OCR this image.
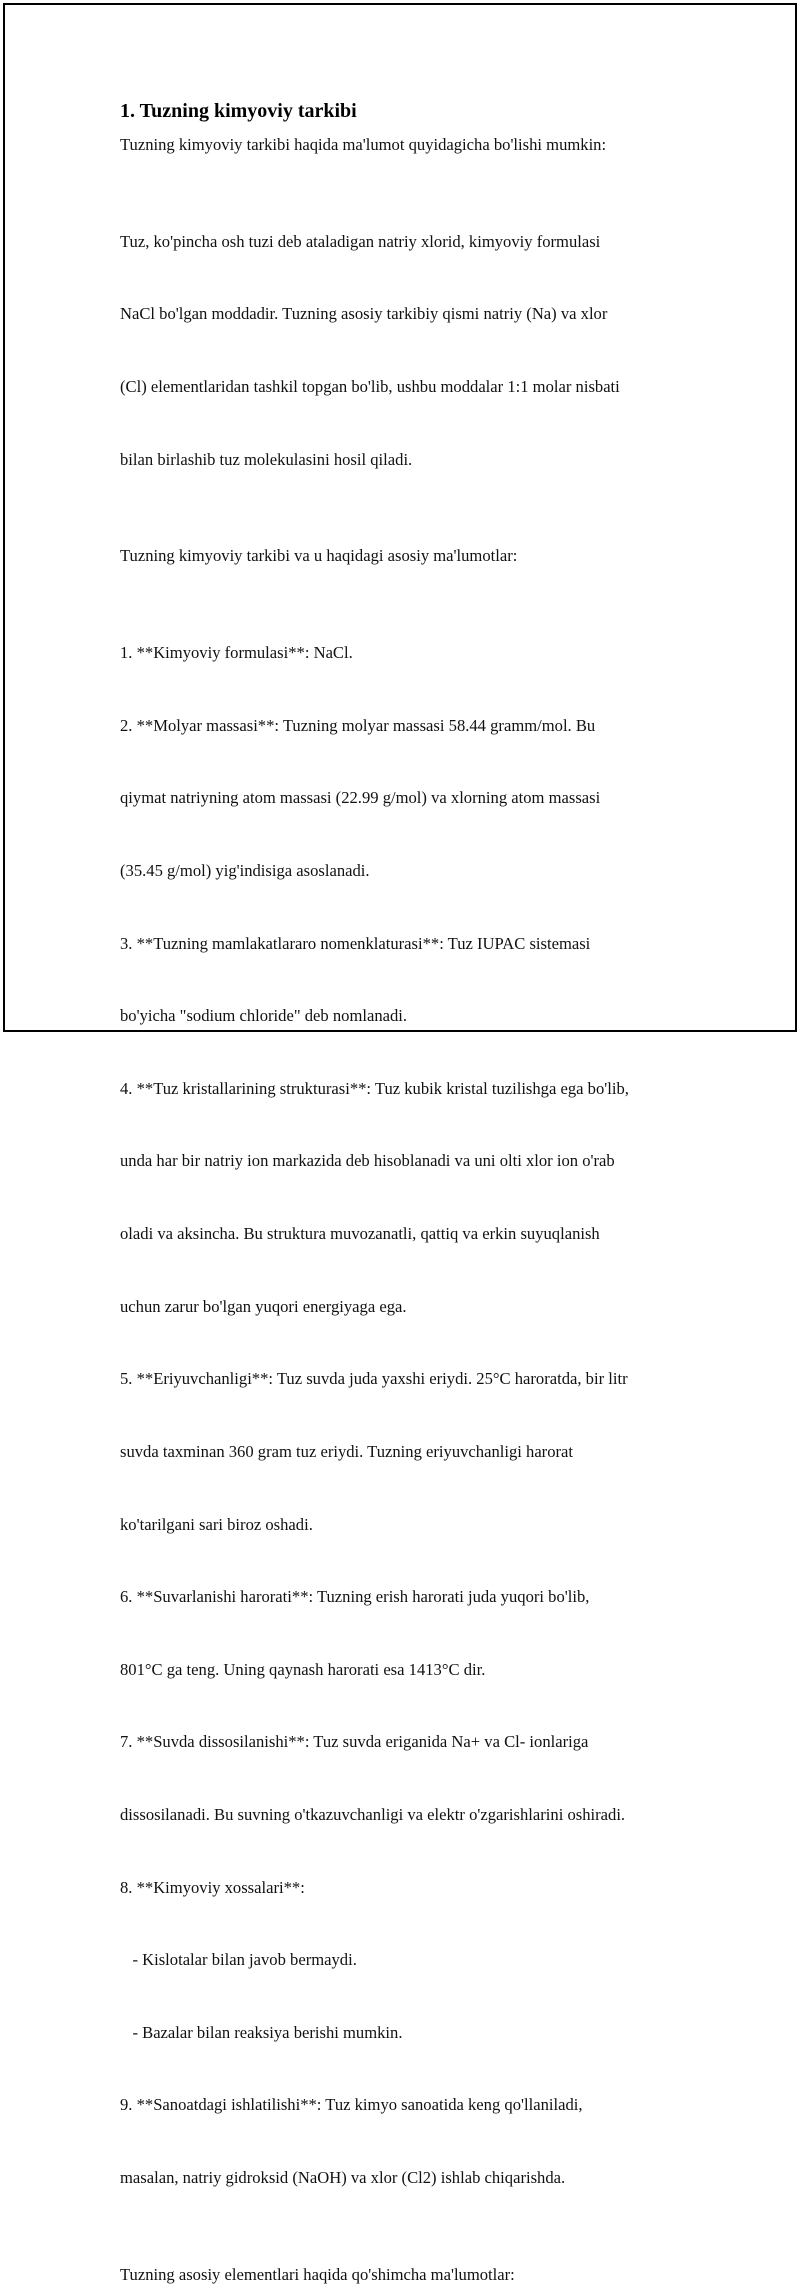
1. Tuzning kimyoviy tarkibi
Tuzning kimyoviy tarkibi haqida ma'lumot quyidagicha bo'lishi mumkin:

Tuz, ko'pincha osh tuzi deb ataladigan natriy xlorid, kimyoviy formulasi

NaCl bo'lgan moddadir. Tuzning asosiy tarkibiy qismi natriy (Na) va xlor

(Cl) elementlaridan tashkil topgan bo'lib, ushbu moddalar 1:1 molar nisbati

bilan birlashib tuz molekulasini hosil qiladi.

Tuzning kimyoviy tarkibi va u haqidagi asosiy ma'lumotlar:

1. **Kimyoviy formulasi**: NaCl.

2. **Molyar massasi**: Tuzning molyar massasi 58.44 gramm/mol. Bu

qiymat natriyning atom massasi (22.99 g/mol) va xlorning atom massasi

(35.45 g/mol) yig'indisiga asoslanadi.

3. **Tuzning mamlakatlararo nomenklaturasi**: Tuz IUPAC sistemasi

bo'yicha "sodium chloride" deb nomlanadi.

4. **Tuz kristallarining strukturasi**: Tuz kubik kristal tuzilishga ega bo'lib,

unda har bir natriy ion markazida deb hisoblanadi va uni olti xlor ion o'rab

oladi va aksincha. Bu struktura muvozanatli, qattiq va erkin suyuqlanish

uchun zarur bo'lgan yuqori energiyaga ega.

5. **Eriyuvchanligi**: Tuz suvda juda yaxshi eriydi. 25°C haroratda, bir litr

suvda taxminan 360 gram tuz eriydi. Tuzning eriyuvchanligi harorat

ko'tarilgani sari biroz oshadi.

6. **Suvarlanishi harorati**: Tuzning erish harorati juda yuqori bo'lib,

801°C ga teng. Uning qaynash harorati esa 1413°C dir.

7. **Suvda dissosilanishi**: Tuz suvda eriganida Na+ va Cl- ionlariga

dissosilanadi. Bu suvning o'tkazuvchanligi va elektr o'zgarishlarini oshiradi.

8. **Kimyoviy xossalari**:

- Kislotalar bilan javob bermaydi.

- Bazalar bilan reaksiya berishi mumkin.

9. **Sanoatdagi ishlatilishi**: Tuz kimyo sanoatida keng qo'llaniladi,

masalan, natriy gidroksid (NaOH) va xlor (Cl2) ishlab chiqarishda.

Tuzning asosiy elementlari haqida qo'shimcha ma'lumotlar:
